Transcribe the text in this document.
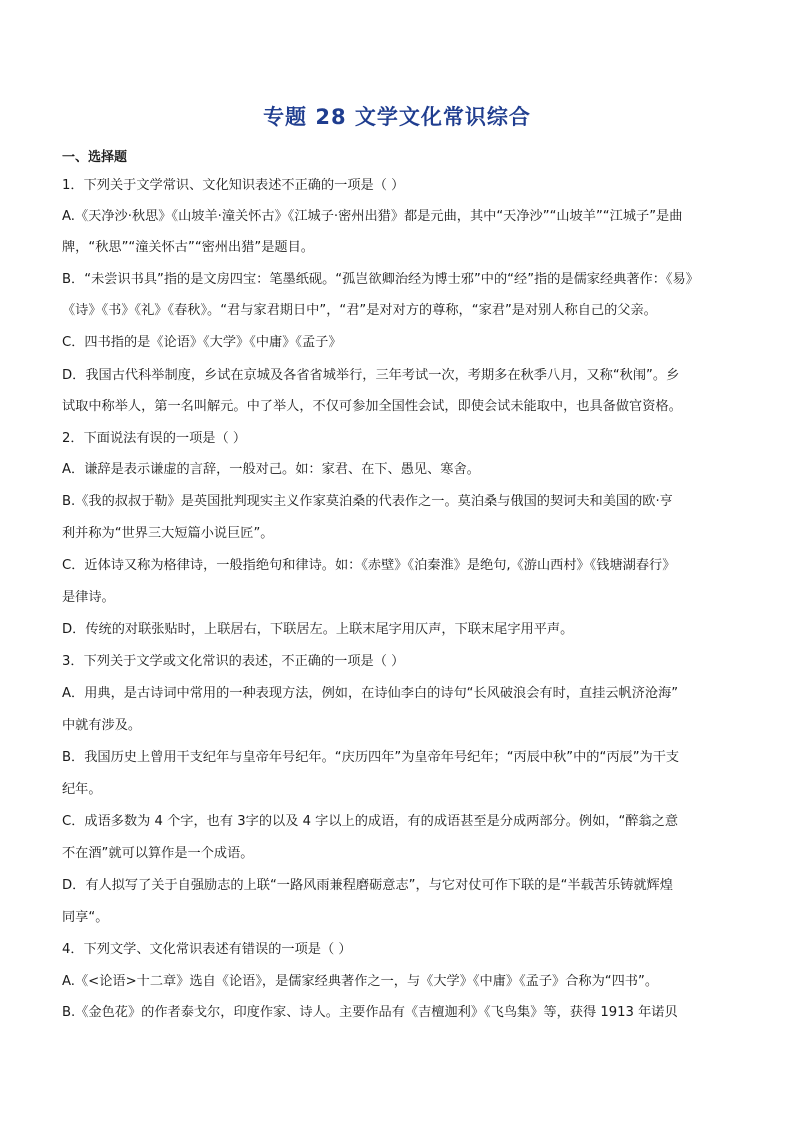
专题 28 文学文化常识综合
一、选择题
1．下列关于文学常识、文化知识表述不正确的一项是（ ）
A.《天净沙·秋思》《山坡羊·潼关怀古》《江城子·密州出猎》都是元曲，其中“天净沙”“山坡羊”“江城子”是曲
牌，“秋思”“潼关怀古”“密州出猎”是题目。
B．“未尝识书具”指的是文房四宝：笔墨纸砚。“孤岂欲卿治经为博士邪”中的“经”指的是儒家经典著作：《易》
《诗》《书》《礼》《春秋》。“君与家君期日中”，“君”是对对方的尊称，“家君”是对别人称自己的父亲。
C．四书指的是《论语》《大学》《中庸》《孟子》
D．我国古代科举制度，乡试在京城及各省省城举行，三年考试一次，考期多在秋季八月，又称“秋闱”。乡
试取中称举人，第一名叫解元。中了举人，不仅可参加全国性会试，即使会试未能取中，也具备做官资格。
2．下面说法有误的一项是（ ）
A．谦辞是表示谦虚的言辞，一般对己。如：家君、在下、愚见、寒舍。
B.《我的叔叔于勒》是英国批判现实主义作家莫泊桑的代表作之一。莫泊桑与俄国的契诃夫和美国的欧·亨
利并称为“世界三大短篇小说巨匠”。
C．近体诗又称为格律诗，一般指绝句和律诗。如：《赤壁》《泊秦淮》是绝句,《游山西村》《钱塘湖春行》
是律诗。
D．传统的对联张贴时，上联居右，下联居左。上联末尾字用仄声，下联末尾字用平声。
3．下列关于文学或文化常识的表述，不正确的一项是（ ）
A．用典，是古诗词中常用的一种表现方法，例如，在诗仙李白的诗句“长风破浪会有时，直挂云帆济沧海”
中就有涉及。
B．我国历史上曾用干支纪年与皇帝年号纪年。“庆历四年”为皇帝年号纪年；“丙辰中秋”中的“丙辰”为干支
纪年。
C．成语多数为 4 个字，也有 3字的以及 4 字以上的成语，有的成语甚至是分成两部分。例如，“醉翁之意
不在酒”就可以算作是一个成语。
D．有人拟写了关于自强励志的上联“一路风雨兼程磨砺意志”，与它对仗可作下联的是“半载苦乐铸就辉煌
同享“。
4．下列文学、文化常识表述有错误的一项是（ ）
A.《<论语>十二章》选自《论语》，是儒家经典著作之一，与《大学》《中庸》《孟子》合称为“四书”。
B.《金色花》的作者泰戈尔，印度作家、诗人。主要作品有《吉檀迦利》《飞鸟集》等，获得 1913 年诺贝
